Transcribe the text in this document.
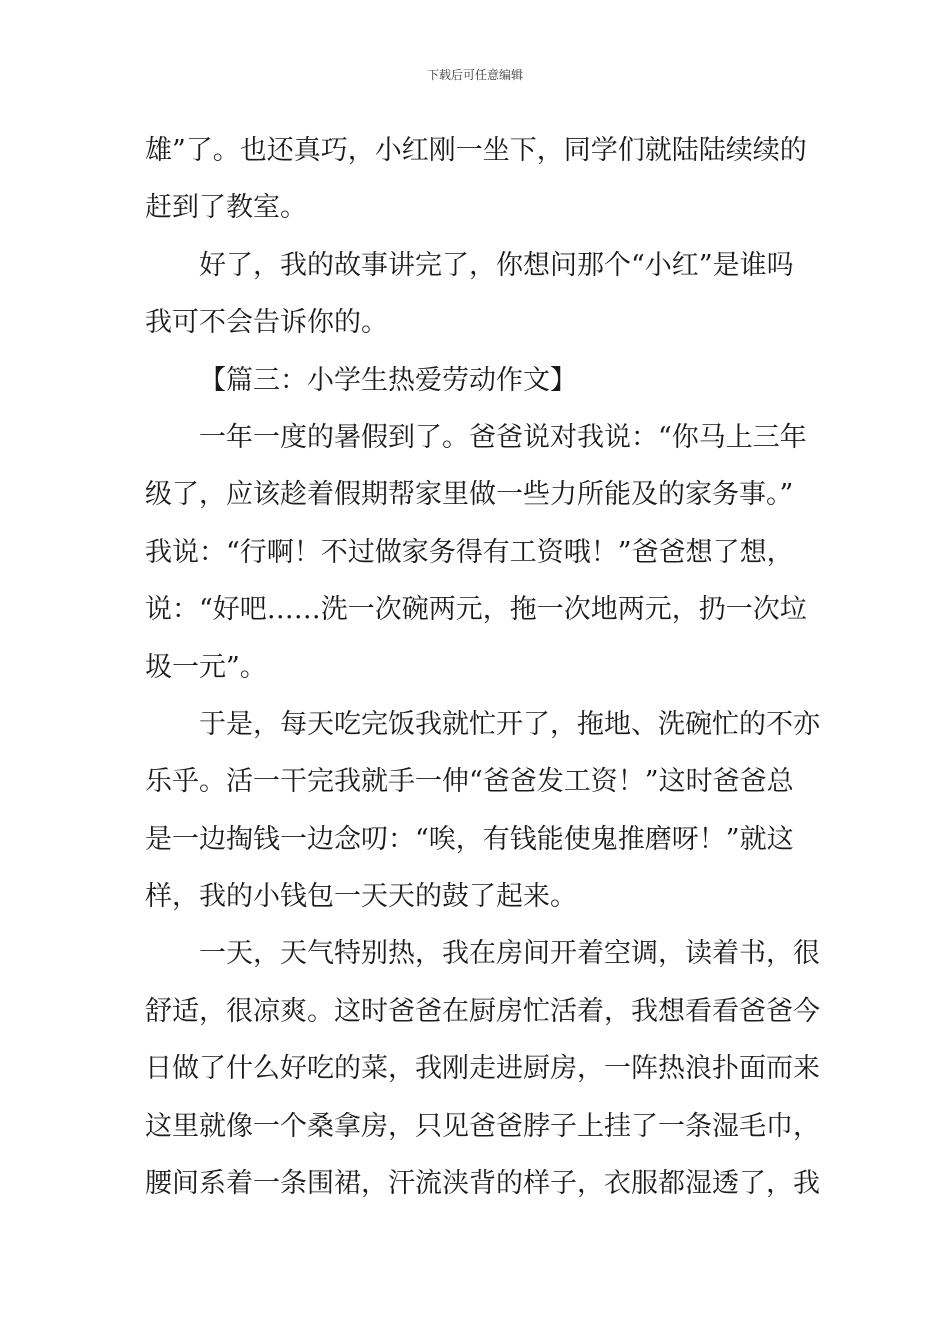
下载后可任意编辑
雄”了。也还真巧，小红刚一坐下，同学们就陆陆续续的
赶到了教室。
好了，我的故事讲完了，你想问那个“小红”是谁吗
我可不会告诉你的。
【篇三：小学生热爱劳动作文】
一年一度的暑假到了。爸爸说对我说：“你马上三年
级了，应该趁着假期帮家里做一些力所能及的家务事。”
我说：“行啊！不过做家务得有工资哦！”爸爸想了想，
说：“好吧……洗一次碗两元，拖一次地两元，扔一次垃
圾一元”。
于是，每天吃完饭我就忙开了，拖地、洗碗忙的不亦
乐乎。活一干完我就手一伸“爸爸发工资！”这时爸爸总
是一边掏钱一边念叨：“唉，有钱能使鬼推磨呀！”就这
样，我的小钱包一天天的鼓了起来。
一天，天气特别热，我在房间开着空调，读着书，很
舒适，很凉爽。这时爸爸在厨房忙活着，我想看看爸爸今
日做了什么好吃的菜，我刚走进厨房，一阵热浪扑面而来
这里就像一个桑拿房，只见爸爸脖子上挂了一条湿毛巾，
腰间系着一条围裙，汗流浃背的样子，衣服都湿透了，我
